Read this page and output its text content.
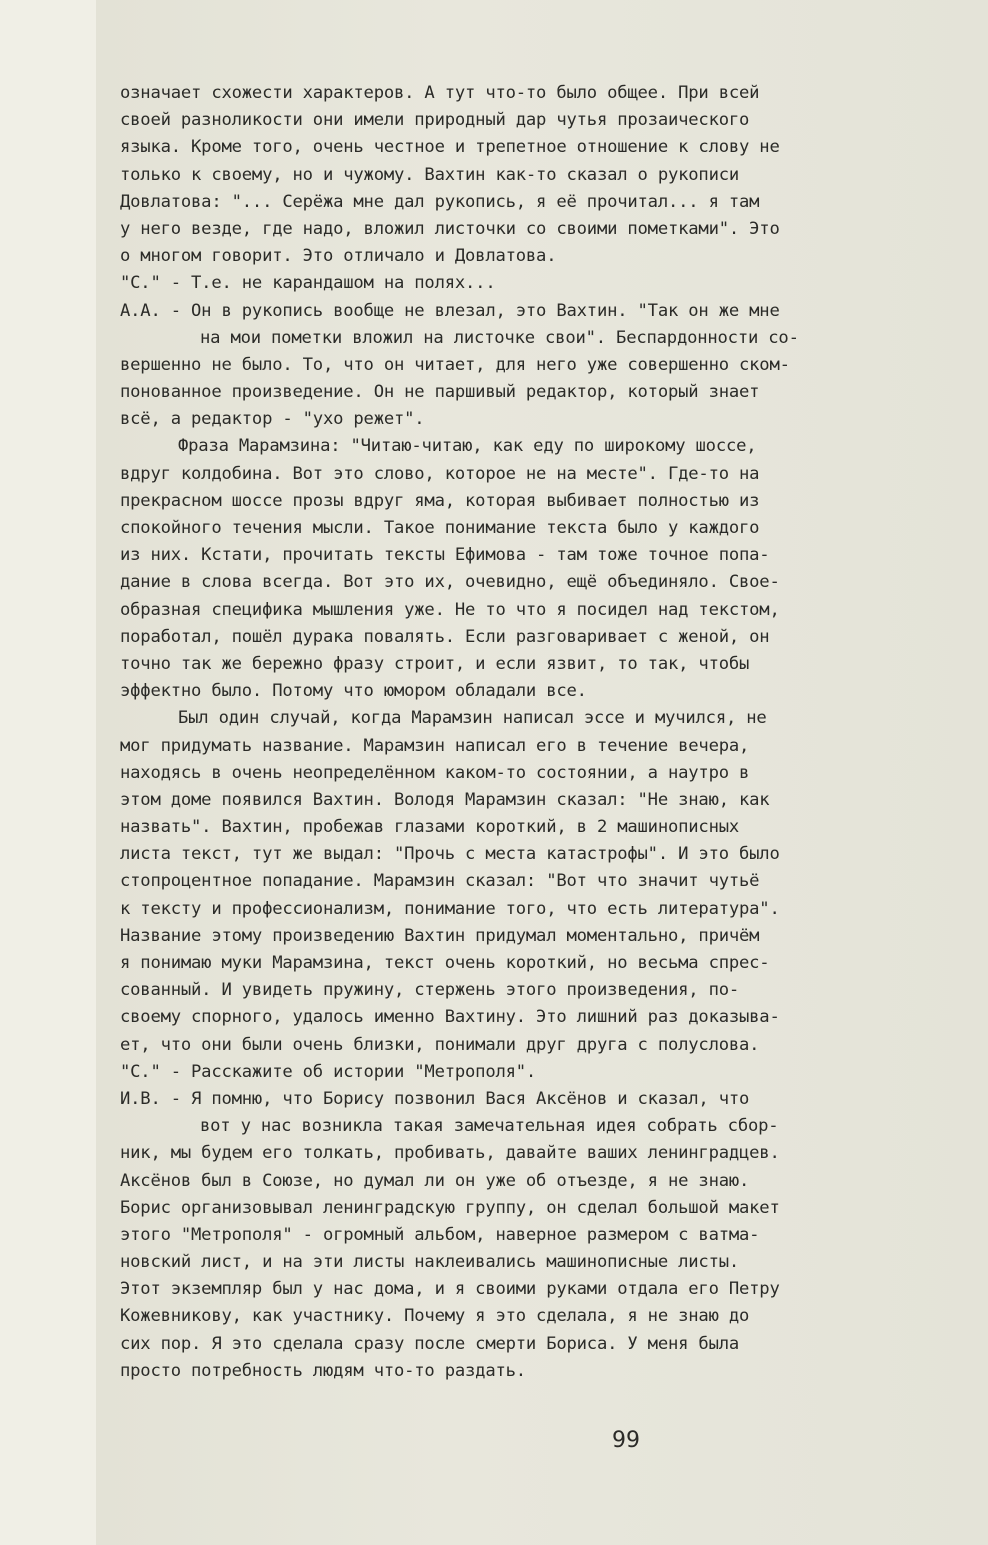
означает схожести характеров. А тут что-то было общее. При всей
своей разноликости они имели природный дар чутья прозаического
языка. Кроме того, очень честное и трепетное отношение к слову не
только к своему, но и чужому. Вахтин как-то сказал о рукописи
Довлатова: "... Серёжа мне дал рукопись, я её прочитал... я там
у него везде, где надо, вложил листочки со своими пометками". Это
о многом говорит. Это отличало и Довлатова.
"С." - Т.е. не карандашом на полях...
А.А. - Он в рукопись вообще не влезал, это Вахтин. "Так он же мне
на мои пометки вложил на листочке свои". Беспардонности со-
вершенно не было. То, что он читает, для него уже совершенно ском-
понованное произведение. Он не паршивый редактор, который знает
всё, а редактор - "ухо режет".
Фраза Марамзина: "Читаю-читаю, как еду по широкому шоссе,
вдруг колдобина. Вот это слово, которое не на месте". Где-то на
прекрасном шоссе прозы вдруг яма, которая выбивает полностью из
спокойного течения мысли. Такое понимание текста было у каждого
из них. Кстати, прочитать тексты Ефимова - там тоже точное попа-
дание в слова всегда. Вот это их, очевидно, ещё объединяло. Свое-
образная специфика мышления уже. Не то что я посидел над текстом,
поработал, пошёл дурака повалять. Если разговаривает с женой, он
точно так же бережно фразу строит, и если язвит, то так, чтобы
эффектно было. Потому что юмором обладали все.
Был один случай, когда Марамзин написал эссе и мучился, не
мог придумать название. Марамзин написал его в течение вечера,
находясь в очень неопределённом каком-то состоянии, а наутро в
этом доме появился Вахтин. Володя Марамзин сказал: "Не знаю, как
назвать". Вахтин, пробежав глазами короткий, в 2 машинописных
листа текст, тут же выдал: "Прочь с места катастрофы". И это было
стопроцентное попадание. Марамзин сказал: "Вот что значит чутьё
к тексту и профессионализм, понимание того, что есть литература".
Название этому произведению Вахтин придумал моментально, причём
я понимаю муки Марамзина, текст очень короткий, но весьма спрес-
сованный. И увидеть пружину, стержень этого произведения, по-
своему спорного, удалось именно Вахтину. Это лишний раз доказыва-
ет, что они были очень близки, понимали друг друга с полуслова.
"С." - Расскажите об истории "Метрополя".
И.В. - Я помню, что Борису позвонил Вася Аксёнов и сказал, что
вот у нас возникла такая замечательная идея собрать сбор-
ник, мы будем его толкать, пробивать, давайте ваших ленинградцев.
Аксёнов был в Союзе, но думал ли он уже об отъезде, я не знаю.
Борис организовывал ленинградскую группу, он сделал большой макет
этого "Метрополя" - огромный альбом, наверное размером с ватма-
новский лист, и на эти листы наклеивались машинописные листы.
Этот экземпляр был у нас дома, и я своими руками отдала его Петру
Кожевникову, как участнику. Почему я это сделала, я не знаю до
сих пор. Я это сделала сразу после смерти Бориса. У меня была
просто потребность людям что-то раздать.
99
